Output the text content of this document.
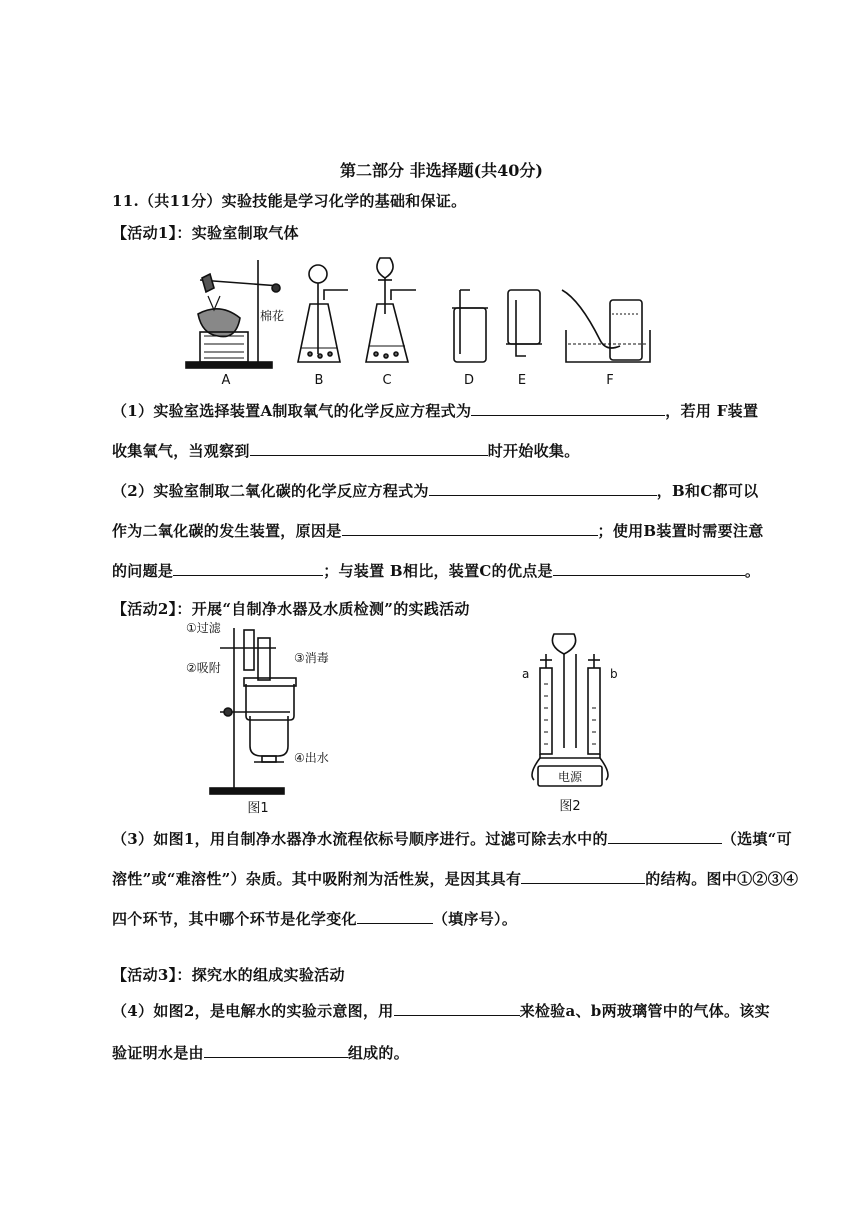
第二部分 非选择题(共40分)
11.（共11分）实验技能是学习化学的基础和保证。
【活动1】：实验室制取气体
棉花
A	B	C	D	E	F
（1）实验室选择装置A制取氧气的化学反应方程式为	，若用 F装置
收集氧气，当观察到	时开始收集。
（2）实验室制取二氧化碳的化学反应方程式为	，B和C都可以
作为二氧化碳的发生装置，原因是	；使用B装置时需要注意
的问题是	；与装置 B相比，装置C的优点是	。
【活动2】：开展“自制净水器及水质检测”的实践活动
①过滤
②吸附
③消毒
④出水
图1
a	b
电源
图2
（3）如图1，用自制净水器净水流程依标号顺序进行。过滤可除去水中的	（选填“可
溶性”或“难溶性”）杂质。其中吸附剂为活性炭，是因其具有	的结构。图中①②③④
四个环节，其中哪个环节是化学变化	（填序号）。
【活动3】：探究水的组成实验活动
（4）如图2，是电解水的实验示意图，用	来检验a、b两玻璃管中的气体。该实
验证明水是由	组成的。
